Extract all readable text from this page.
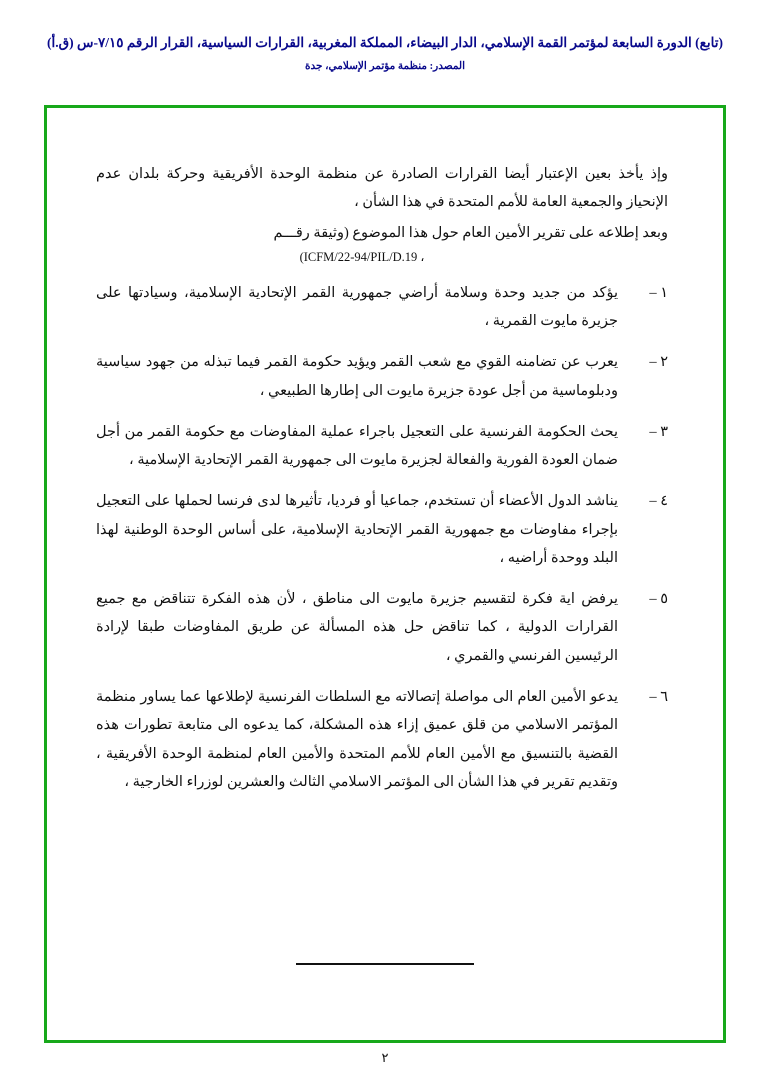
(تابع) الدورة السابعة لمؤتمر القمة الإسلامي، الدار البيضاء، المملكة المغربية، القرارات السياسية، القرار الرقم ٧/١٥-س (ق.أ)
المصدر: منظمة مؤتمر الإسلامي، جدة
وإذ يأخذ بعين الإعتبار أيضا القرارات الصادرة عن منظمة الوحدة الأفريقية وحركة بلدان عدم الإنحياز والجمعية العامة للأمم المتحدة في هذا الشأن ،
وبعد إطلاعه على تقرير الأمين العام حول هذا الموضوع (وثيقة رقـــم
(ICFM/22-94/PIL/D.19 ،
١ –
يؤكد من جديد وحدة وسلامة أراضي جمهورية القمر الإتحادية الإسلامية، وسيادتها على جزيرة مايوت القمرية ،
٢ –
يعرب عن تضامنه القوي مع شعب القمر ويؤيد حكومة القمر فيما تبذله من جهود سياسية ودبلوماسية من أجل عودة جزيرة مايوت الى إطارها الطبيعي ،
٣ –
يحث الحكومة الفرنسية على التعجيل باجراء عملية المفاوضات مع حكومة القمر من أجل ضمان العودة الفورية والفعالة لجزيرة مايوت الى جمهورية القمر الإتحادية الإسلامية ،
٤ –
يناشد الدول الأعضاء أن تستخدم، جماعيا أو فرديا، تأثيرها لدى فرنسا لحملها على التعجيل بإجراء مفاوضات مع جمهورية القمر الإتحادية الإسلامية، على أساس الوحدة الوطنية لهذا البلد ووحدة أراضيه ،
٥ –
يرفض اية فكرة لتقسيم جزيرة مايوت الى مناطق ، لأن هذه الفكرة تتناقض مع جميع القرارات الدولية ، كما تناقض حل هذه المسألة عن طريق المفاوضات طبقا لإرادة الرئيسين الفرنسي والقمري ،
٦ –
يدعو الأمين العام الى مواصلة إتصالاته مع السلطات الفرنسية لإطلاعها عما يساور منظمة المؤتمر الاسلامي من قلق عميق إزاء هذه المشكلة، كما يدعوه الى متابعة تطورات هذه القضية بالتنسيق مع الأمين العام للأمم المتحدة والأمين العام لمنظمة الوحدة الأفريقية ، وتقديم تقرير في هذا الشأن الى المؤتمر الاسلامي الثالث والعشرين لوزراء الخارجية ،
٢
